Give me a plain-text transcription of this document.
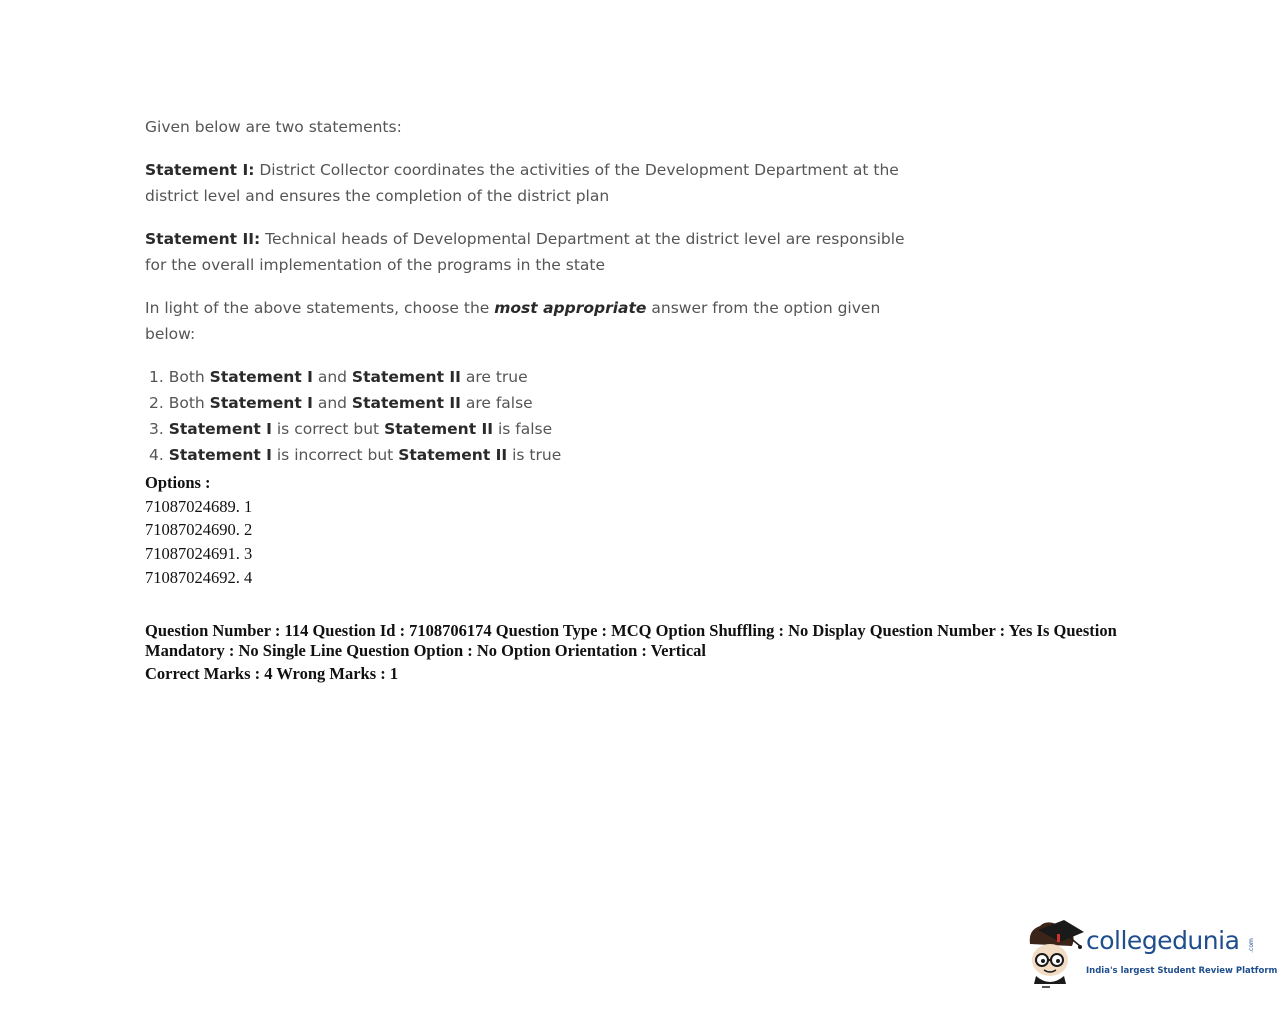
Given below are two statements:

Statement I: District Collector coordinates the activities of the Development Department at the district level and ensures the completion of the district plan

Statement II: Technical heads of Developmental Department at the district level are responsible for the overall implementation of the programs in the state

In light of the above statements, choose the most appropriate answer from the option given below:

1. Both Statement I and Statement II are true
2. Both Statement I and Statement II are false
3. Statement I is correct but Statement II is false
4. Statement I is incorrect but Statement II is true
Options :
71087024689. 1
71087024690. 2
71087024691. 3
71087024692. 4
Question Number : 114 Question Id : 7108706174 Question Type : MCQ Option Shuffling : No Display Question Number : Yes Is Question Mandatory : No Single Line Question Option : No Option Orientation : Vertical
Correct Marks : 4 Wrong Marks : 1
collegedunia .com
India's largest Student Review Platform
